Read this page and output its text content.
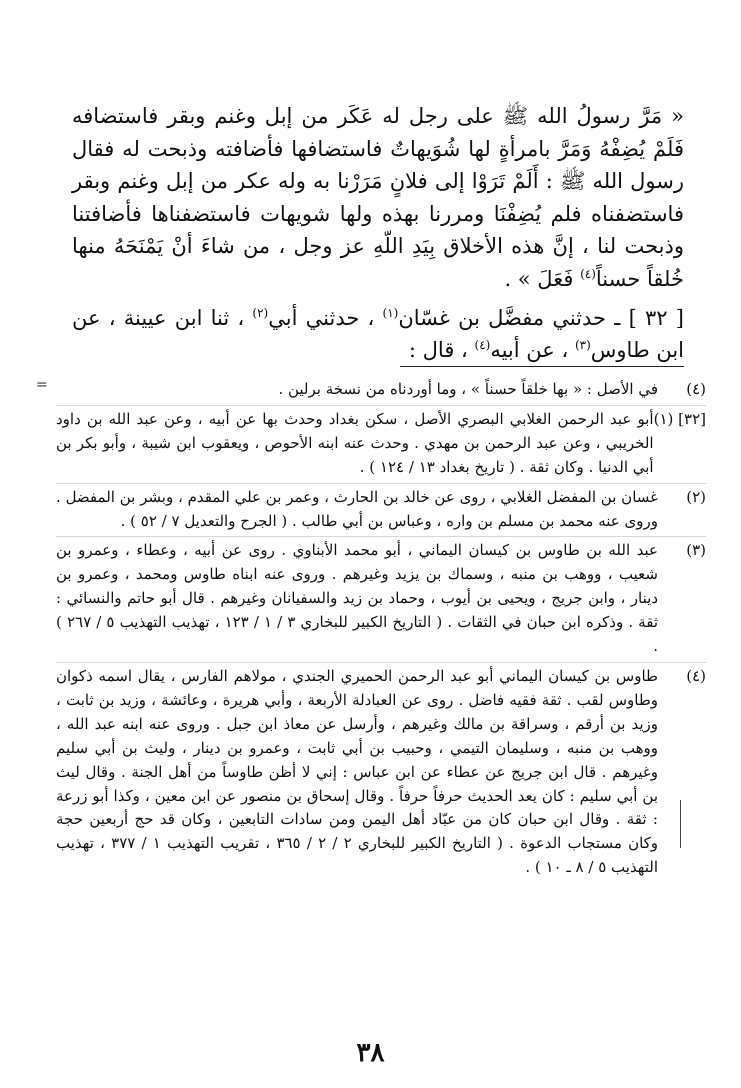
« مَرَّ رسولُ الله ﷺ على رجل له عَكَر من إبل وغنم وبقر فاستضافه فَلَمْ يُضِفْهُ وَمَرَّ بامرأةٍ لها شُوَيهاتٌ فاستضافها فأضافته وذبحت له فقال رسول الله ﷺ : أَلَمْ تَرَوْا إلى فلانٍ مَرَرْنا به وله عكر من إبل وغنم وبقر فاستضفناه فلم يُضِفْنَا ومررنا بهذه ولها شويهات فاستضفناها فأضافتنا وذبحت لنا ، إنَّ هذه الأخلاق بِيَدِ اللّهِ عز وجل ، من شاءَ أنْ يَمْنَحَهُ منها خُلقاً حسناً$^{(٤)}$ فَعَلَ » .

[ ٣٢ ] ـ حدثني مفضَّل بن غسّان$^{(١)}$ ، حدثني أبي$^{(٢)}$ ، ثنا ابن عيينة ، عن ابن طاوس$^{(٣)}$ ، عن أبيه$^{(٤)}$ ، قال :

=	(٤)
في الأصل : « بها خلقاً حسناً » ، وما أوردناه من نسخة برلين .
[٣٢] (١)
أبو عبد الرحمن الغلابي البصري الأصل ، سكن بغداد وحدث بها عن أبيه ، وعن عبد الله بن داود الخريبي ، وعن عبد الرحمن بن مهدي . وحدث عنه ابنه الأحوص ، ويعقوب ابن شيبة ، وأبو بكر بن أبي الدنيا . وكان ثقة . ( تاريخ بغداد ١٣ / ١٢٤ ) .
(٢)
غسان بن المفضل الغلابي ، روى عن خالد بن الحارث ، وعمر بن علي المقدم ، وبشر بن المفضل . وروى عنه محمد بن مسلم بن واره ، وعباس بن أبي طالب . ( الجرح والتعديل ٧ / ٥٢ ) .
(٣)
عبد الله بن طاوس بن كيسان اليماني ، أبو محمد الأبناوي . روى عن أبيه ، وعطاء ، وعمرو بن شعيب ، ووهب بن منبه ، وسماك بن يزيد وغيرهم . وروى عنه ابناه طاوس ومحمد ، وعمرو بن دينار ، وابن جريج ، ويحيى بن أيوب ، وحماد بن زيد والسفيانان وغيرهم . قال أبو حاتم والنسائي : ثقة . وذكره ابن حبان في الثقات . ( التاريخ الكبير للبخاري ٣ / ١ / ١٢٣ ، تهذيب التهذيب ٥ / ٢٦٧ ) .
(٤)
طاوس بن كيسان اليماني أبو عبد الرحمن الحميري الجندي ، مولاهم الفارس ، يقال اسمه ذكوان وطاوس لقب . ثقة فقيه فاضل . روى عن العبادلة الأربعة ، وأبي هريرة ، وعائشة ، وزيد بن ثابت ، وزيد بن أرقم ، وسراقة بن مالك وغيرهم ، وأرسل عن معاذ ابن جبل . وروى عنه ابنه عبد الله ، ووهب بن منبه ، وسليمان التيمي ، وحبيب بن أبي ثابت ، وعمرو بن دينار ، وليث بن أبي سليم وغيرهم . قال ابن جريج عن عطاء عن ابن عباس : إني لا أظن طاوساً من أهل الجنة . وقال ليث بن أبي سليم : كان يعد الحديث حرفاً حرفاً . وقال إسحاق بن منصور عن ابن معين ، وكذا أبو زرعة : ثقة . وقال ابن حبان كان من عبّاد أهل اليمن ومن سادات التابعين ، وكان قد حج أربعين حجة وكان مستجاب الدعوة . ( التاريخ الكبير للبخاري ٢ / ٢ / ٣٦٥ ، تقريب التهذيب ١ / ٣٧٧ ، تهذيب التهذيب ٥ / ٨ ـ ١٠ ) .
٣٨
